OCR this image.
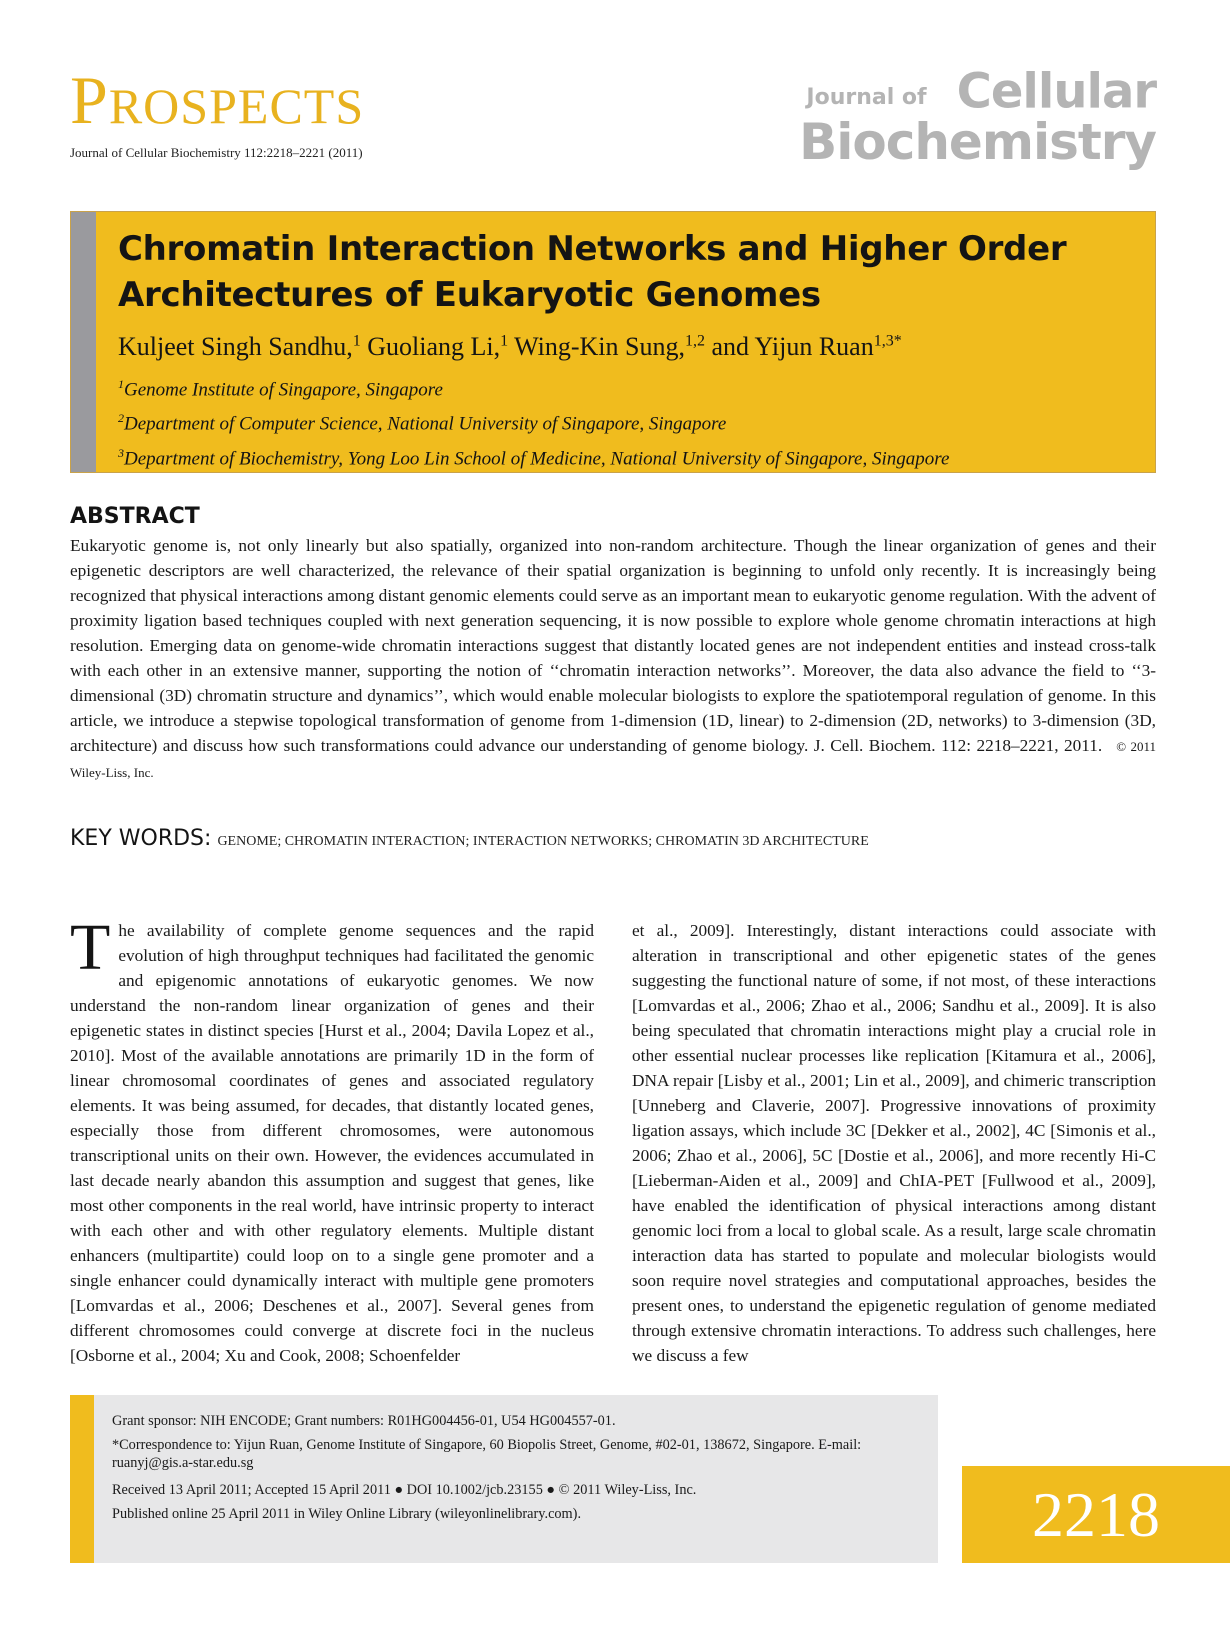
PROSPECTS
Journal of Cellular Biochemistry 112:2218–2221 (2011)
Journal of Cellular
Biochemistry
Chromatin Interaction Networks and Higher Order
Architectures of Eukaryotic Genomes
Kuljeet Singh Sandhu,$^1$ Guoliang Li,$^1$ Wing-Kin Sung,$^{1,2}$ and Yijun Ruan$^{1,3*}$
$^1$Genome Institute of Singapore, Singapore
$^2$Department of Computer Science, National University of Singapore, Singapore
$^3$Department of Biochemistry, Yong Loo Lin School of Medicine, National University of Singapore, Singapore
ABSTRACT
Eukaryotic genome is, not only linearly but also spatially, organized into non-random architecture. Though the linear organization of genes and their epigenetic descriptors are well characterized, the relevance of their spatial organization is beginning to unfold only recently. It is increasingly being recognized that physical interactions among distant genomic elements could serve as an important mean to eukaryotic genome regulation. With the advent of proximity ligation based techniques coupled with next generation sequencing, it is now possible to explore whole genome chromatin interactions at high resolution. Emerging data on genome-wide chromatin interactions suggest that distantly located genes are not independent entities and instead cross-talk with each other in an extensive manner, supporting the notion of ‘‘chromatin interaction networks’’. Moreover, the data also advance the field to ‘‘3-dimensional (3D) chromatin structure and dynamics’’, which would enable molecular biologists to explore the spatiotemporal regulation of genome. In this article, we introduce a stepwise topological transformation of genome from 1-dimension (1D, linear) to 2-dimension (2D, networks) to 3-dimension (3D, architecture) and discuss how such transformations could advance our understanding of genome biology. J. Cell. Biochem. 112: 2218–2221, 2011. © 2011 Wiley-Liss, Inc.
KEY WORDS: GENOME; CHROMATIN INTERACTION; INTERACTION NETWORKS; CHROMATIN 3D ARCHITECTURE
The availability of complete genome sequences and the rapid evolution of high throughput techniques had facilitated the genomic and epigenomic annotations of eukaryotic genomes. We now understand the non-random linear organization of genes and their epigenetic states in distinct species [Hurst et al., 2004; Davila Lopez et al., 2010]. Most of the available annotations are primarily 1D in the form of linear chromosomal coordinates of genes and associated regulatory elements. It was being assumed, for decades, that distantly located genes, especially those from different chromosomes, were autonomous transcriptional units on their own. However, the evidences accumulated in last decade nearly abandon this assumption and suggest that genes, like most other components in the real world, have intrinsic property to interact with each other and with other regulatory elements. Multiple distant enhancers (multipartite) could loop on to a single gene promoter and a single enhancer could dynamically interact with multiple gene promoters [Lomvardas et al., 2006; Deschenes et al., 2007]. Several genes from different chromosomes could converge at discrete foci in the nucleus [Osborne et al., 2004; Xu and Cook, 2008; Schoenfelder
et al., 2009]. Interestingly, distant interactions could associate with alteration in transcriptional and other epigenetic states of the genes suggesting the functional nature of some, if not most, of these interactions [Lomvardas et al., 2006; Zhao et al., 2006; Sandhu et al., 2009]. It is also being speculated that chromatin interactions might play a crucial role in other essential nuclear processes like replication [Kitamura et al., 2006], DNA repair [Lisby et al., 2001; Lin et al., 2009], and chimeric transcription [Unneberg and Claverie, 2007]. Progressive innovations of proximity ligation assays, which include 3C [Dekker et al., 2002], 4C [Simonis et al., 2006; Zhao et al., 2006], 5C [Dostie et al., 2006], and more recently Hi-C [Lieberman-Aiden et al., 2009] and ChIA-PET [Fullwood et al., 2009], have enabled the identification of physical interactions among distant genomic loci from a local to global scale. As a result, large scale chromatin interaction data has started to populate and molecular biologists would soon require novel strategies and computational approaches, besides the present ones, to understand the epigenetic regulation of genome mediated through extensive chromatin interactions. To address such challenges, here we discuss a few
Grant sponsor: NIH ENCODE; Grant numbers: R01HG004456-01, U54 HG004557-01.
*Correspondence to: Yijun Ruan, Genome Institute of Singapore, 60 Biopolis Street, Genome, #02-01, 138672, Singapore. E-mail: ruanyj@gis.a-star.edu.sg
Received 13 April 2011; Accepted 15 April 2011 ● DOI 10.1002/jcb.23155 ● © 2011 Wiley-Liss, Inc.
Published online 25 April 2011 in Wiley Online Library (wileyonlinelibrary.com).	2218
